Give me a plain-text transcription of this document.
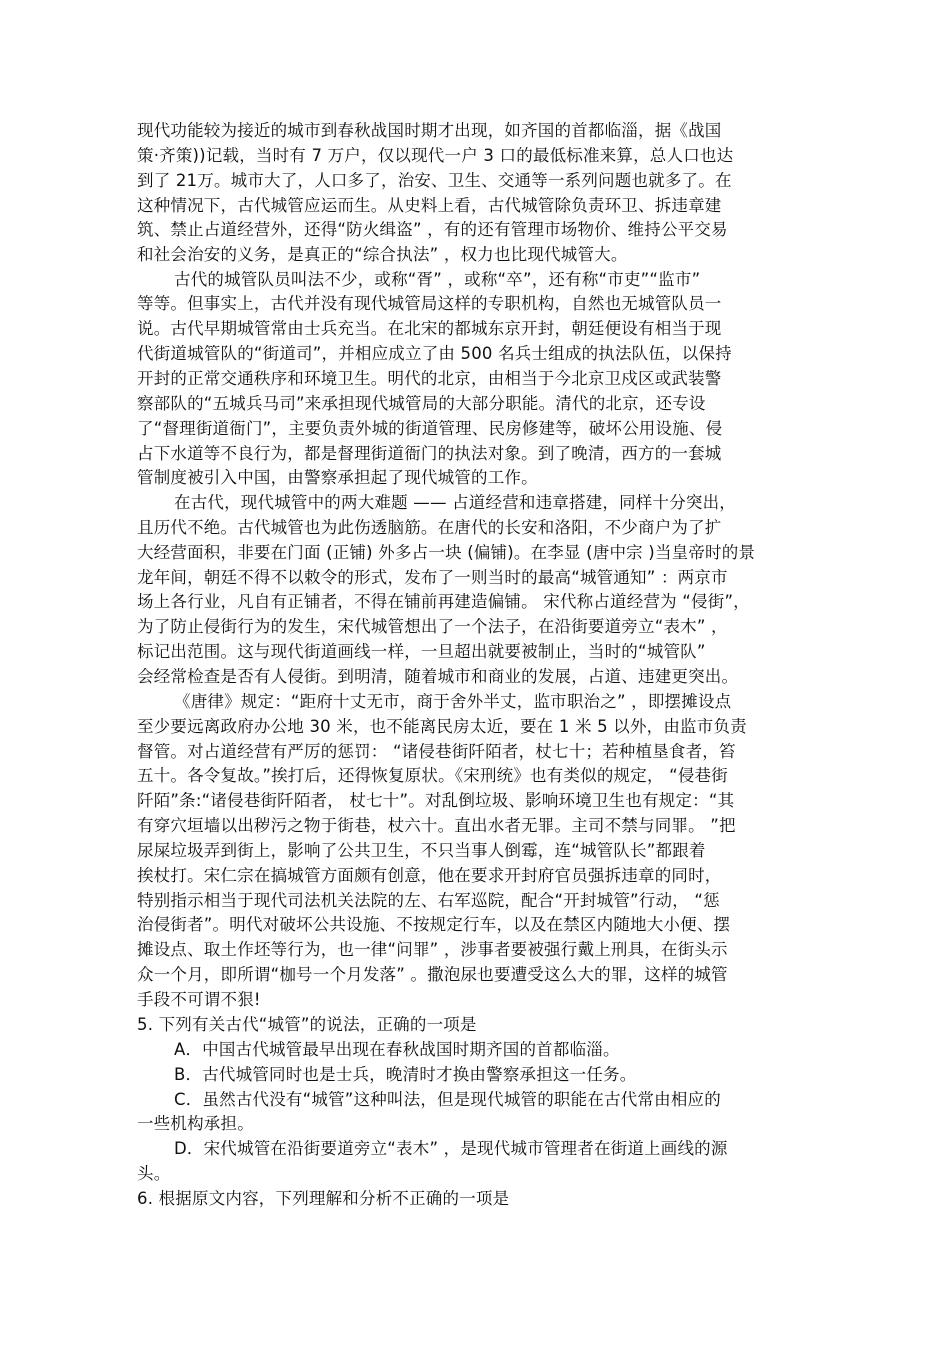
现代功能较为接近的城市到春秋战国时期才出现，如齐国的首都临淄，据《战国
策·齐策))记载，当时有 7 万户，仅以现代一户 3 口的最低标准来算，总人口也达
到了 21万。城市大了，人口多了，治安、卫生、交通等一系列问题也就多了。在
这种情况下，古代城管应运而生。从史料上看，古代城管除负责环卫、拆违章建
筑、禁止占道经营外，还得“防火缉盗” ，有的还有管理市场物价、维持公平交易
和社会治安的义务，是真正的“综合执法” ，权力也比现代城管大。
古代的城管队员叫法不少，或称“胥” ，或称“卒”，还有称“市吏”“监市”
等等。但事实上，古代并没有现代城管局这样的专职机构，自然也无城管队员一
说。古代早期城管常由士兵充当。在北宋的都城东京开封，朝廷便设有相当于现
代街道城管队的“街道司”，并相应成立了由 500 名兵士组成的执法队伍，以保持
开封的正常交通秩序和环境卫生。明代的北京，由相当于今北京卫戍区或武装警
察部队的“五城兵马司”来承担现代城管局的大部分职能。清代的北京，还专设
了“督理街道衙门”，主要负责外城的街道管理、民房修建等，破坏公用设施、侵
占下水道等不良行为，都是督理街道衙门的执法对象。到了晚清，西方的一套城
管制度被引入中国，由警察承担起了现代城管的工作。
在古代，现代城管中的两大难题 —— 占道经营和违章搭建，同样十分突出，
且历代不绝。古代城管也为此伤透脑筋。在唐代的长安和洛阳，不少商户为了扩
大经营面积，非要在门面 (正铺) 外多占一块 (偏铺)。在李显 (唐中宗 )当皇帝时的景
龙年间，朝廷不得不以敕令的形式，发布了一则当时的最高“城管通知” ：两京市
场上各行业，凡自有正铺者，不得在铺前再建造偏铺。 宋代称占道经营为 “侵街”，
为了防止侵街行为的发生，宋代城管想出了一个法子，在沿街要道旁立“表木” ，
标记出范围。这与现代街道画线一样，一旦超出就要被制止，当时的“城管队”
会经常检查是否有人侵街。到明清，随着城市和商业的发展，占道、违建更突出。
《唐律》规定：“距府十丈无市，商于舍外半丈，监市职治之” ，即摆摊设点
至少要远离政府办公地 30 米，也不能离民房太近，要在 1 米 5 以外，由监市负责
督管。对占道经营有严厉的惩罚： “诸侵巷街阡陌者，杖七十；若种植垦食者，笞
五十。各令复故。”挨打后，还得恢复原状。《宋刑统》也有类似的规定， “侵巷街
阡陌”条:“诸侵巷街阡陌者， 杖七十”。对乱倒垃圾、影响环境卫生也有规定：“其
有穿穴垣墙以出秽污之物于街巷，杖六十。直出水者无罪。主司不禁与同罪。 ”把
尿屎垃圾弄到街上，影响了公共卫生，不只当事人倒霉，连“城管队长”都跟着
挨杖打。宋仁宗在搞城管方面颇有创意，他在要求开封府官员强拆违章的同时，
特别指示相当于现代司法机关法院的左、右军巡院，配合“开封城管”行动， “惩
治侵街者”。明代对破坏公共设施、不按规定行车，以及在禁区内随地大小便、摆
摊设点、取土作坯等行为，也一律“问罪” ，涉事者要被强行戴上刑具，在街头示
众一个月，即所谓“枷号一个月发落” 。撒泡尿也要遭受这么大的罪，这样的城管
手段不可谓不狠!
5. 下列有关古代“城管”的说法，正确的一项是
A．中国古代城管最早出现在春秋战国时期齐国的首都临淄。
B．古代城管同时也是士兵，晚清时才换由警察承担这一任务。
C．虽然古代没有“城管”这种叫法，但是现代城管的职能在古代常由相应的
一些机构承担。
D．宋代城管在沿街要道旁立“表木” ，是现代城市管理者在街道上画线的源
头。
6. 根据原文内容，下列理解和分析不正确的一项是
